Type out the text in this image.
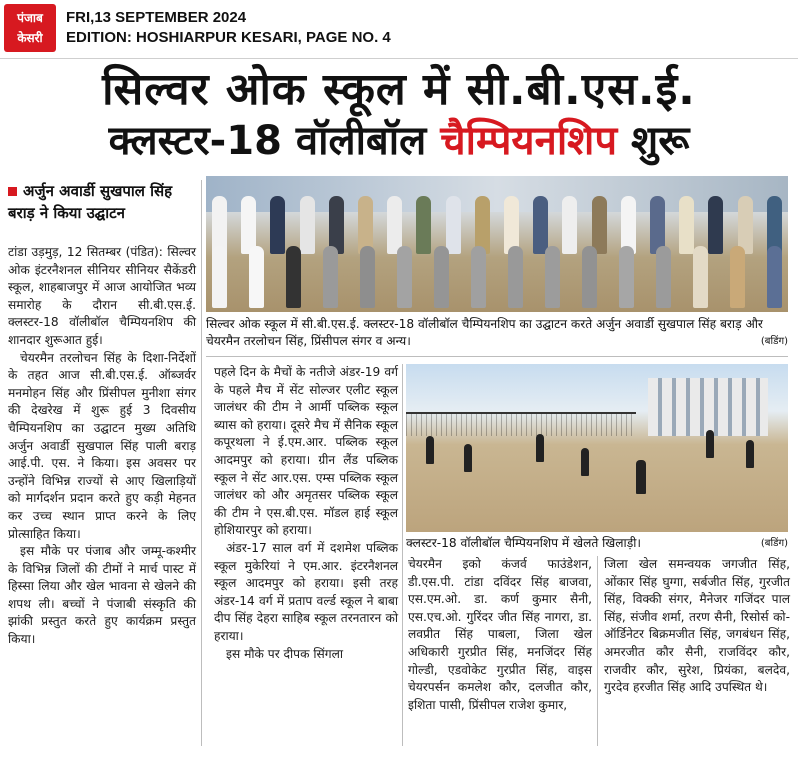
पंजाब
केसरी
FRI,13 SEPTEMBER 2024
EDITION: HOSHIARPUR KESARI, PAGE NO. 4
सिल्वर ओक स्कूल में सी.बी.एस.ई.
क्लस्टर-18 वॉलीबॉल चैम्पियनशिप शुरू
अर्जुन अवार्डी सुखपाल सिंह बराड़ ने किया उद्घाटन

टांडा उड़मुड़, 12 सितम्बर (पंडित): सिल्वर ओक इंटरनैशनल सीनियर सीनियर सैकेंडरी स्कूल, शाहबाजपुर में आज आयोजित भव्य समारोह के दौरान सी.बी.एस.ई. क्लस्टर-18 वॉलीबॉल चैम्पियनशिप की शानदार शुरूआत हुई।

चेयरमैन तरलोचन सिंह के दिशा-निर्देशों के तहत आज सी.बी.एस.ई. ऑब्जर्वर मनमोहन सिंह और प्रिंसीपल मुनीशा संगर की देखरेख में शुरू हुई 3 दिवसीय चैम्पियनशिप का उद्घाटन मुख्य अतिथि अर्जुन अवार्डी सुखपाल सिंह पाली बराड़ आई.पी. एस. ने किया। इस अवसर पर उन्होंने विभिन्न राज्यों से आए खिलाड़ियों को मार्गदर्शन प्रदान करते हुए कड़ी मेहनत कर उच्च स्थान प्राप्त करने के लिए प्रोत्साहित किया।

इस मौके पर पंजाब और जम्मू-कश्मीर के विभिन्न जिलों की टीमों ने मार्च पास्ट में हिस्सा लिया और खेल भावना से खेलने की शपथ ली। बच्चों ने पंजाबी संस्कृति की झांकी प्रस्तुत करते हुए कार्यक्रम प्रस्तुत किया।

सिल्वर ओक स्कूल में सी.बी.एस.ई. क्लस्टर-18 वॉलीबॉल चैम्पियनशिप का उद्घाटन करते अर्जुन अवार्डी सुखपाल सिंह बराड़ और चेयरमैन तरलोचन सिंह, प्रिंसीपल संगर व अन्य।	(बडिंग)

पहले दिन के मैचों के नतीजे अंडर-19 वर्ग के पहले मैच में सेंट सोल्जर एलीट स्कूल जालंधर की टीम ने आर्मी पब्लिक स्कूल ब्यास को हराया। दूसरे मैच में सैनिक स्कूल कपूरथला ने ई.एम.आर. पब्लिक स्कूल आदमपुर को हराया। ग्रीन लैंड पब्लिक स्कूल ने सेंट आर.एस. एम्स पब्लिक स्कूल जालंधर को और अमृतसर पब्लिक स्कूल की टीम ने एस.बी.एस. मॉडल हाई स्कूल होशियारपुर को हराया।

अंडर-17 साल वर्ग में दशमेश पब्लिक स्कूल मुकेरियां ने एम.आर. इंटरनैशनल स्कूल आदमपुर को हराया। इसी तरह अंडर-14 वर्ग में प्रताप वर्ल्ड स्कूल ने बाबा दीप सिंह देहरा साहिब स्कूल तरनतारन को हराया।

इस मौके पर दीपक सिंगला

क्लस्टर-18 वॉलीबॉल चैम्पियनशिप में खेलते खिलाड़ी।	(बडिंग)

चेयरमैन इको कंजर्व फाउंडेशन, डी.एस.पी. टांडा दविंदर सिंह बाजवा, एस.एम.ओ. डा. कर्ण कुमार सैनी, एस.एच.ओ. गुरिंदर जीत सिंह नागरा, डा. लवप्रीत सिंह पाबला, जिला खेल अधिकारी गुरप्रीत सिंह, मनजिंदर सिंह गोल्डी, एडवोकेट गुरप्रीत सिंह, वाइस चेयरपर्सन कमलेश कौर, दलजीत कौर, इशिता पासी, प्रिंसीपल राजेश कुमार,

जिला खेल समन्वयक जगजीत सिंह, ओंकार सिंह घुग्गा, सर्बजीत सिंह, गुरजीत सिंह, विक्की संगर, मैनेजर गजिंदर पाल सिंह, संजीव शर्मा, तरण सैनी, रिसोर्स को-ऑर्डिनेटर बिक्रमजीत सिंह, जगबंधन सिंह, अमरजीत कौर सैनी, राजविंदर कौर, राजवीर कौर, सुरेश, प्रियंका, बलदेव, गुरदेव हरजीत सिंह आदि उपस्थित थे।
